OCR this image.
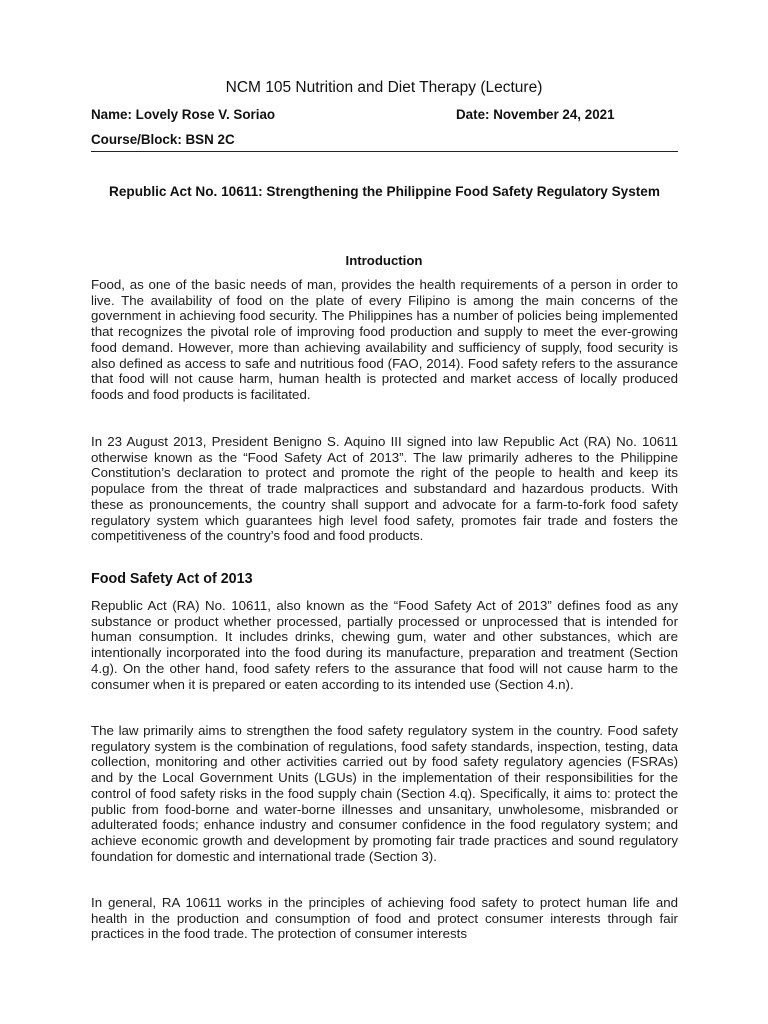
NCM 105 Nutrition and Diet Therapy (Lecture)
Name: Lovely Rose V. Soriao	Date: November 24, 2021
Course/Block: BSN 2C
Republic Act No. 10611: Strengthening the Philippine Food Safety Regulatory System
Introduction
Food, as one of the basic needs of man, provides the health requirements of a person in order to live. The availability of food on the plate of every Filipino is among the main concerns of the government in achieving food security. The Philippines has a number of policies being implemented that recognizes the pivotal role of improving food production and supply to meet the ever-growing food demand. However, more than achieving availability and sufficiency of supply, food security is also defined as access to safe and nutritious food (FAO, 2014). Food safety refers to the assurance that food will not cause harm, human health is protected and market access of locally produced foods and food products is facilitated.
In 23 August 2013, President Benigno S. Aquino III signed into law Republic Act (RA) No. 10611 otherwise known as the “Food Safety Act of 2013”. The law primarily adheres to the Philippine Constitution’s declaration to protect and promote the right of the people to health and keep its populace from the threat of trade malpractices and substandard and hazardous products. With these as pronouncements, the country shall support and advocate for a farm-to-fork food safety regulatory system which guarantees high level food safety, promotes fair trade and fosters the competitiveness of the country’s food and food products.
Food Safety Act of 2013
Republic Act (RA) No. 10611, also known as the “Food Safety Act of 2013” defines food as any substance or product whether processed, partially processed or unprocessed that is intended for human consumption. It includes drinks, chewing gum, water and other substances, which are intentionally incorporated into the food during its manufacture, preparation and treatment (Section 4.g). On the other hand, food safety refers to the assurance that food will not cause harm to the consumer when it is prepared or eaten according to its intended use (Section 4.n).
The law primarily aims to strengthen the food safety regulatory system in the country. Food safety regulatory system is the combination of regulations, food safety standards, inspection, testing, data collection, monitoring and other activities carried out by food safety regulatory agencies (FSRAs) and by the Local Government Units (LGUs) in the implementation of their responsibilities for the control of food safety risks in the food supply chain (Section 4.q). Specifically, it aims to: protect the public from food-borne and water-borne illnesses and unsanitary, unwholesome, misbranded or adulterated foods; enhance industry and consumer confidence in the food regulatory system; and achieve economic growth and development by promoting fair trade practices and sound regulatory foundation for domestic and international trade (Section 3).
In general, RA 10611 works in the principles of achieving food safety to protect human life and health in the production and consumption of food and protect consumer interests through fair practices in the food trade. The protection of consumer interests
